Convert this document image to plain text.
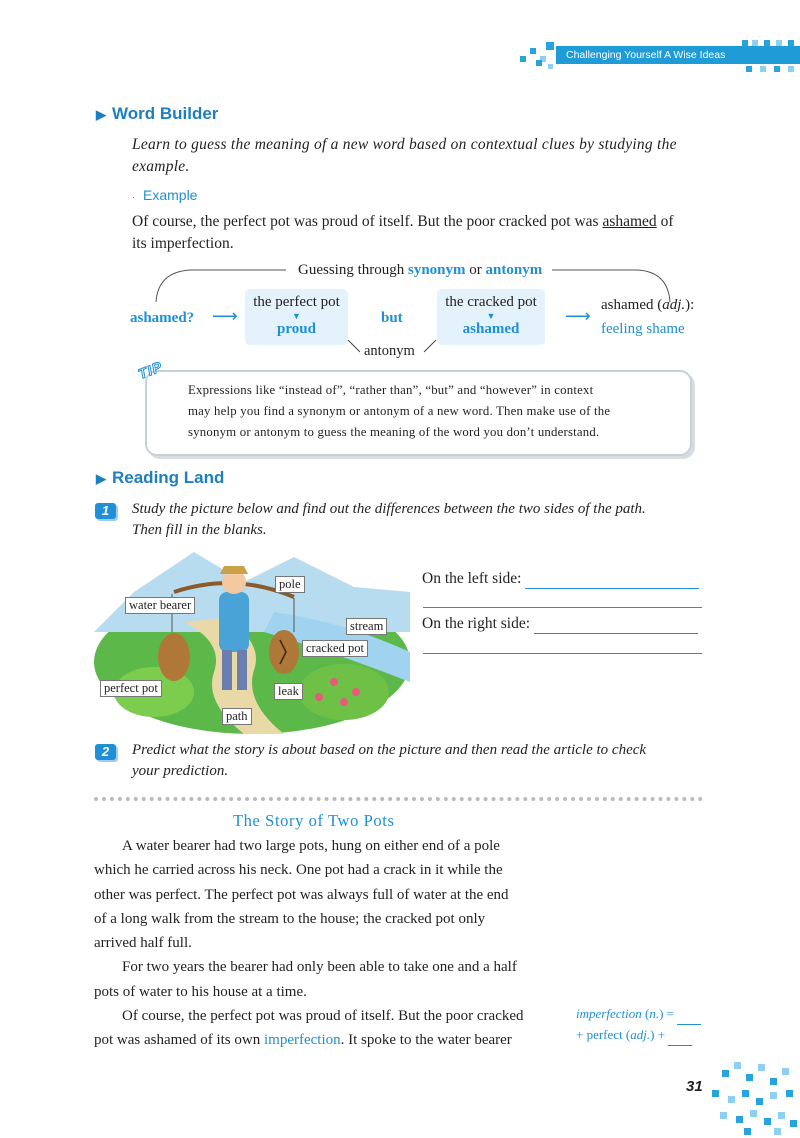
Challenging Yourself A Wise Ideas
▶ Word Builder
Learn to guess the meaning of a new word based on contextual clues by studying the
example.
· Example
Of course, the perfect pot was proud of itself. But the poor cracked pot was ashamed of
its imperfection.
Guessing through synonym or antonym
ashamed? ⟶
the perfect pot
▼
proud
but
the cracked pot
▼
ashamed
antonym
⟶
ashamed (adj.):
feeling shame
TIP
Expressions like “instead of”, “rather than”, “but” and “however” in context
may help you find a synonym or antonym of a new word. Then make use of the
synonym or antonym to guess the meaning of the word you don’t understand.
▶ Reading Land
1	Study the picture below and find out the differences between the two sides of the path.
Then fill in the blanks.
pole
water bearer
stream
cracked pot
perfect pot	leak
path
On the left side:
On the right side:
2	Predict what the story is about based on the picture and then read the article to check
your prediction.
The Story of Two Pots
A water bearer had two large pots, hung on either end of a pole
which he carried across his neck. One pot had a crack in it while the
other was perfect. The perfect pot was always full of water at the end
of a long walk from the stream to the house; the cracked pot only
arrived half full.
For two years the bearer had only been able to take one and a half
pots of water to his house at a time.
Of course, the perfect pot was proud of itself. But the poor cracked
pot was ashamed of its own imperfection. It spoke to the water bearer
imperfection (n.) =
+ perfect (adj.) +
31
